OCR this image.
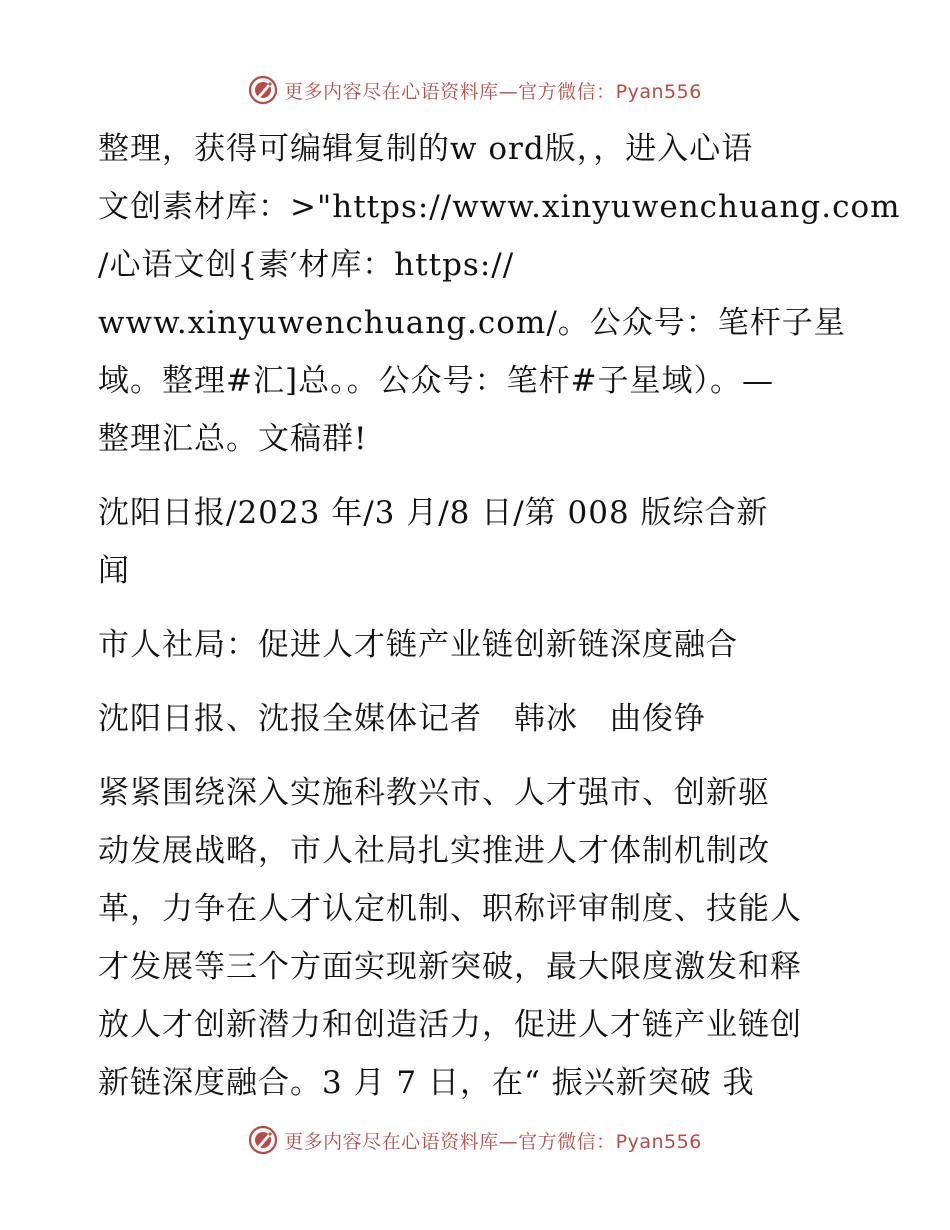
更多内容尽在心语资料库—官方微信：Pyan556

整理，获得可编辑复制的w ord版，，进入心语
文创素材库：>"https://www.xinyuwenchuang.com
/心语文创{素′材库：https://
www.xinyuwenchuang.com/。公众号：笔杆子星
域。整理#汇]总。。公众号：笔杆#子星域）。—
整理汇总。文稿群!

沈阳日报/2023 年/3 月/8 日/第 008 版综合新
闻

市人社局：促进人才链产业链创新链深度融合

沈阳日报、沈报全媒体记者　韩冰　曲俊铮

紧紧围绕深入实施科教兴市、人才强市、创新驱
动发展战略，市人社局扎实推进人才体制机制改
革，力争在人才认定机制、职称评审制度、技能人
才发展等三个方面实现新突破，最大限度激发和释
放人才创新潜力和创造活力，促进人才链产业链创
新链深度融合。3 月 7 日，在“ 振兴新突破 我

更多内容尽在心语资料库—官方微信：Pyan556
